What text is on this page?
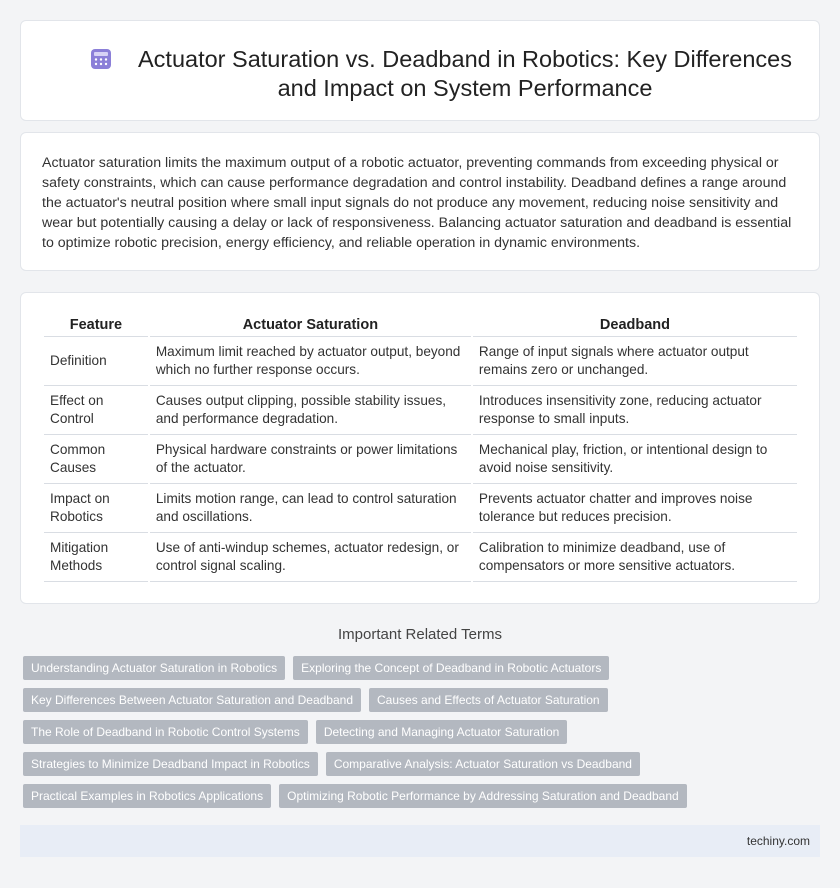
Actuator Saturation vs. Deadband in Robotics: Key Differences
and Impact on System Performance

Actuator saturation limits the maximum output of a robotic actuator, preventing commands from exceeding physical or safety constraints, which can cause performance degradation and control instability. Deadband defines a range around the actuator's neutral position where small input signals do not produce any movement, reducing noise sensitivity and wear but potentially causing a delay or lack of responsiveness. Balancing actuator saturation and deadband is essential to optimize robotic precision, energy efficiency, and reliable operation in dynamic environments.

Feature	Actuator Saturation	Deadband
Definition	Maximum limit reached by actuator output, beyond which no further response occurs.	Range of input signals where actuator output remains zero or unchanged.
Effect on Control	Causes output clipping, possible stability issues, and performance degradation.	Introduces insensitivity zone, reducing actuator response to small inputs.
Common Causes	Physical hardware constraints or power limitations of the actuator.	Mechanical play, friction, or intentional design to avoid noise sensitivity.
Impact on Robotics	Limits motion range, can lead to control saturation and oscillations.	Prevents actuator chatter and improves noise tolerance but reduces precision.
Mitigation Methods	Use of anti-windup schemes, actuator redesign, or control signal scaling.	Calibration to minimize deadband, use of compensators or more sensitive actuators.
Important Related Terms
Understanding Actuator Saturation in Robotics	Exploring the Concept of Deadband in Robotic Actuators
Key Differences Between Actuator Saturation and Deadband	Causes and Effects of Actuator Saturation
The Role of Deadband in Robotic Control Systems	Detecting and Managing Actuator Saturation
Strategies to Minimize Deadband Impact in Robotics	Comparative Analysis: Actuator Saturation vs Deadband
Practical Examples in Robotics Applications	Optimizing Robotic Performance by Addressing Saturation and Deadband
techiny.com
